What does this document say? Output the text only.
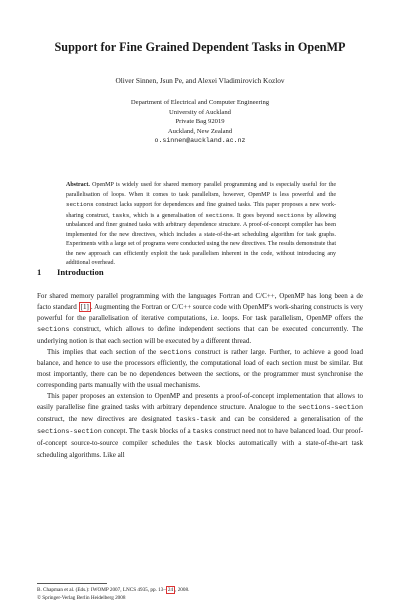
Support for Fine Grained Dependent Tasks in OpenMP
Oliver Sinnen, Jsun Pe, and Alexei Vladimirovich Kozlov
Department of Electrical and Computer Engineering
University of Auckland
Private Bag 92019
Auckland, New Zealand
o.sinnen@auckland.ac.nz
Abstract. OpenMP is widely used for shared memory parallel programming and is especially useful for the parallelisation of loops. When it comes to task parallelism, however, OpenMP is less powerful and the sections construct lacks support for dependences and fine grained tasks. This paper proposes a new work-sharing construct, tasks, which is a generalisation of sections. It goes beyond sections by allowing unbalanced and finer grained tasks with arbitrary dependence structure. A proof-of-concept compiler has been implemented for the new directives, which includes a state-of-the-art scheduling algorithm for task graphs. Experiments with a large set of programs were conducted using the new directives. The results demonstrate that the new approach can efficiently exploit the task parallelism inherent in the code, without introducing any additional overhead.
1 Introduction

For shared memory parallel programming with the languages Fortran and C/C++, OpenMP has long been a de facto standard [1] . Augmenting the Fortran or C/C++ source code with OpenMP's work-sharing constructs is very powerful for the parallelisation of iterative computations, i.e. loops. For task parallelism, OpenMP offers the sections construct, which allows to define independent sections that can be executed concurrently. The underlying notion is that each section will be executed by a different thread.

This implies that each section of the sections construct is rather large. Further, to achieve a good load balance, and hence to use the processors efficiently, the computational load of each section must be similar. But most importantly, there can be no dependences between the sections, or the programmer must synchronise the corresponding parts manually with the usual mechanisms.

This paper proposes an extension to OpenMP and presents a proof-of-concept implementation that allows to easily parallelise fine grained tasks with arbitrary dependence structure. Analogue to the sections-section construct, the new directives are designated tasks-task and can be considered a generalisation of the sections-section concept. The task blocks of a tasks construct need not to have balanced load. Our proof-of-concept source-to-source compiler schedules the task blocks automatically with a state-of-the-art task scheduling algorithms. Like all

B. Chapman et al. (Eds.): IWOMP 2007, LNCS 4935, pp. 13– 24 , 2008.
© Springer-Verlag Berlin Heidelberg 2008
